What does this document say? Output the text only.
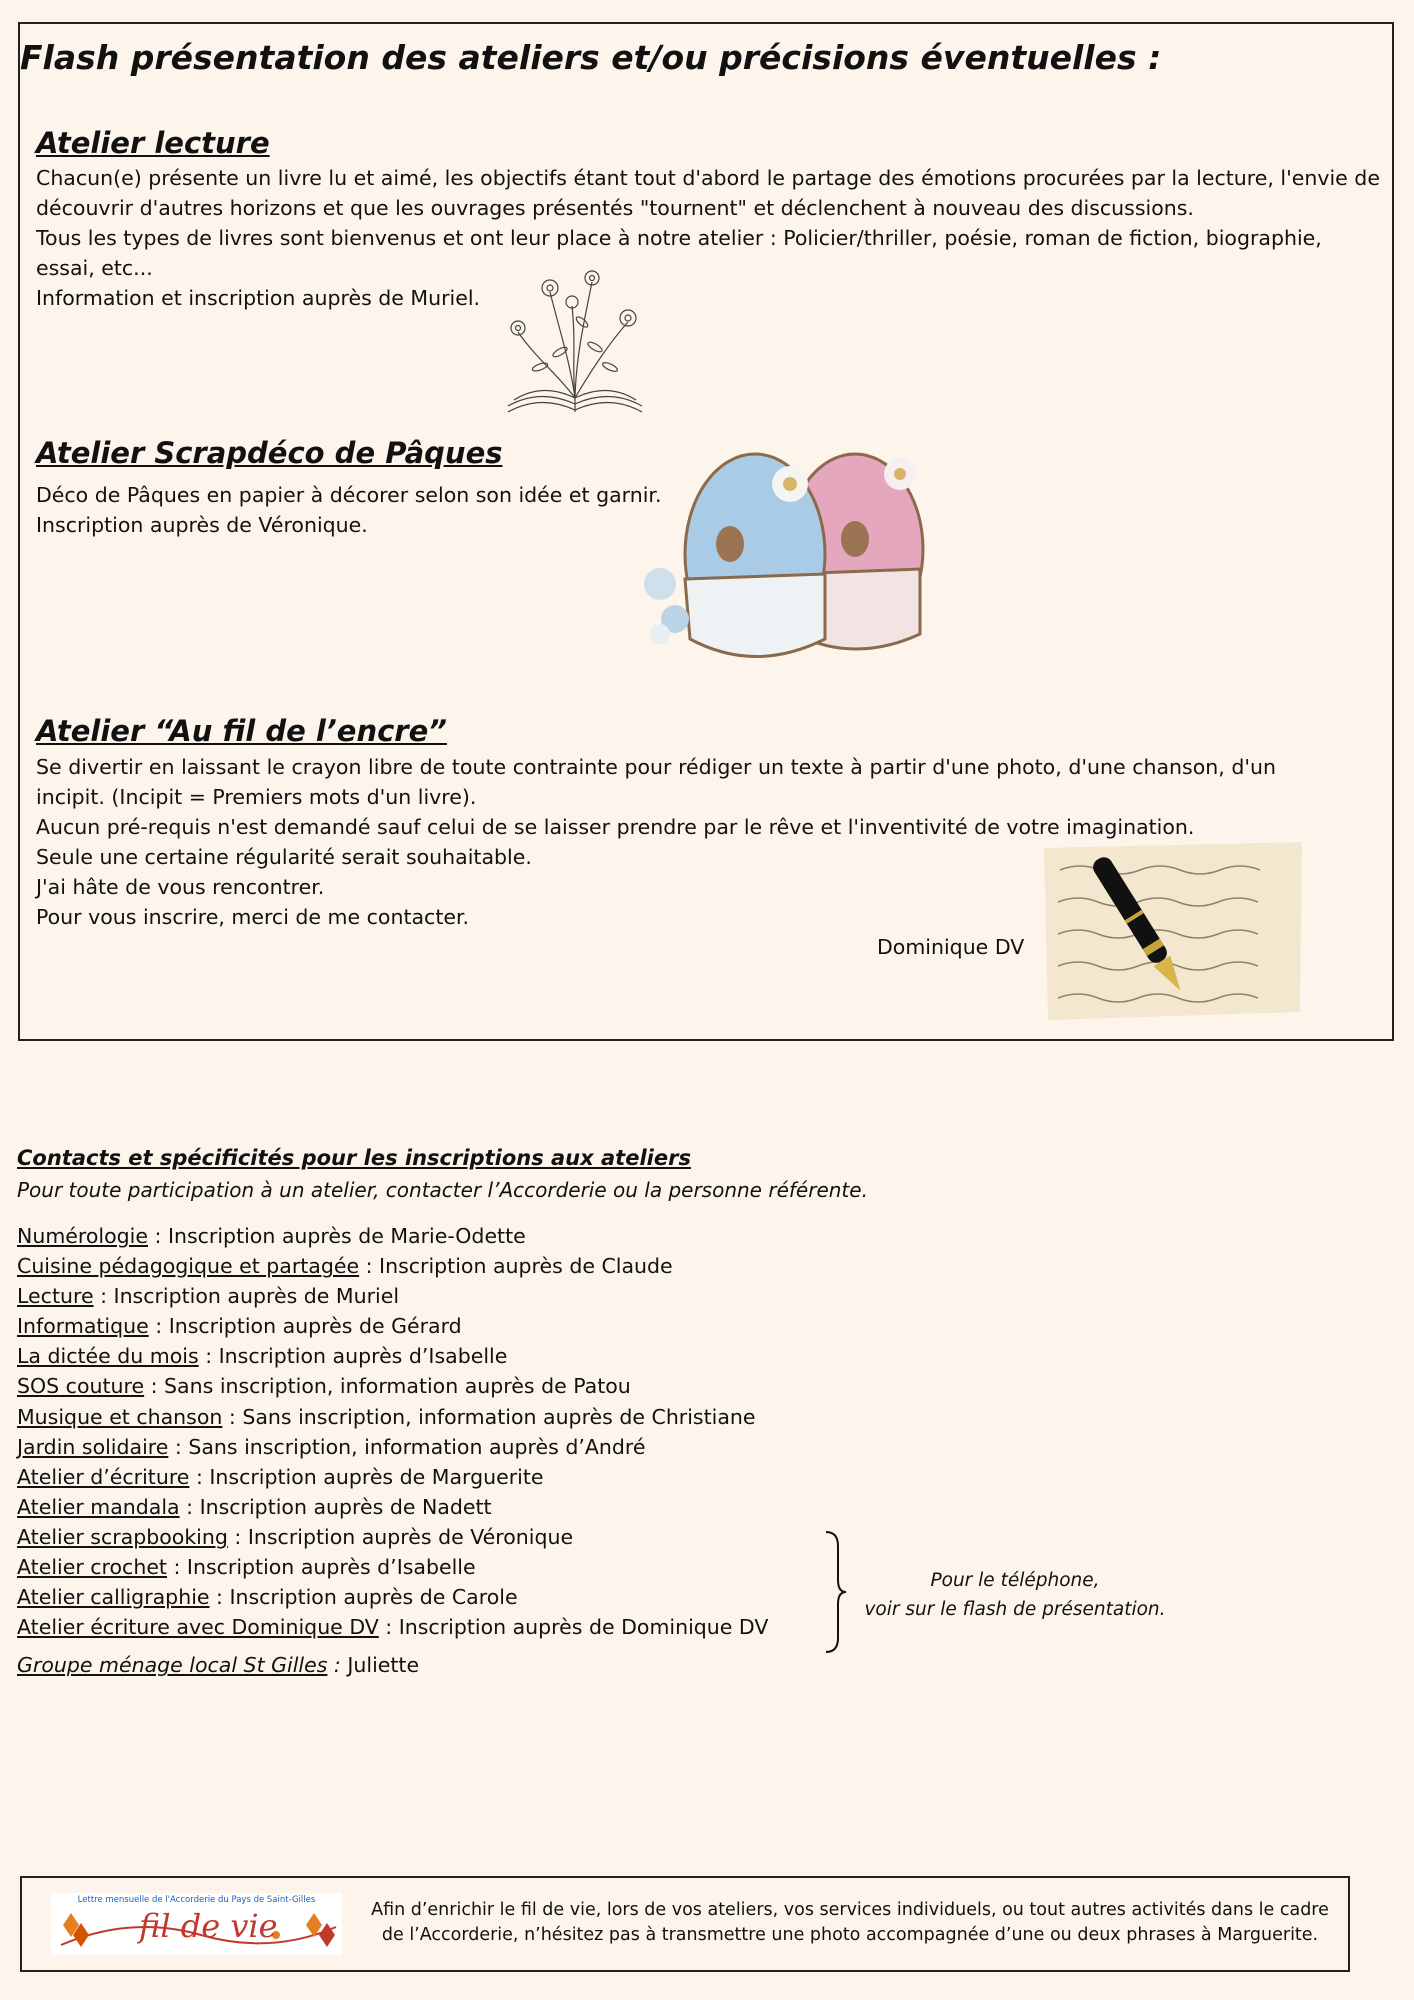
Flash présentation des ateliers et/ou précisions éventuelles :
Atelier lecture

Chacun(e) présente un livre lu et aimé, les objectifs étant tout d'abord le partage des émotions procurées par la lecture, l'envie de découvrir d'autres horizons et que les ouvrages présentés "tournent" et déclenchent à nouveau des discussions.

Tous les types de livres sont bienvenus et ont leur place à notre atelier : Policier/thriller, poésie, roman de fiction, biographie, essai, etc...

Information et inscription auprès de Muriel.

Atelier Scrapdéco de Pâques

Déco de Pâques en papier à décorer selon son idée et garnir.

Inscription auprès de Véronique.

Atelier “Au fil de l’encre”

Se divertir en laissant le crayon libre de toute contrainte pour rédiger un texte à partir d'une photo, d'une chanson, d'un incipit. (Incipit = Premiers mots d'un livre).

Aucun pré-requis n'est demandé sauf celui de se laisser prendre par le rêve et l'inventivité de votre imagination.

Seule une certaine régularité serait souhaitable.

J'ai hâte de vous rencontrer.

Pour vous inscrire, merci de me contacter.

Dominique DV
Contacts et spécificités pour les inscriptions aux ateliers

Pour toute participation à un atelier, contacter l’Accorderie ou la personne référente.

Numérologie : Inscription auprès de Marie-Odette
Cuisine pédagogique et partagée : Inscription auprès de Claude
Lecture : Inscription auprès de Muriel
Informatique : Inscription auprès de Gérard
La dictée du mois : Inscription auprès d’Isabelle
SOS couture : Sans inscription, information auprès de Patou
Musique et chanson : Sans inscription, information auprès de Christiane
Jardin solidaire : Sans inscription, information auprès d’André
Atelier d’écriture : Inscription auprès de Marguerite
Atelier mandala : Inscription auprès de Nadett
Atelier scrapbooking : Inscription auprès de Véronique
Atelier crochet : Inscription auprès d’Isabelle
Atelier calligraphie : Inscription auprès de Carole
Atelier écriture avec Dominique DV : Inscription auprès de Dominique DV
Groupe ménage local St Gilles : Juliette
Pour le téléphone,
voir sur le flash de présentation.
Lettre mensuelle de l'Accorderie du Pays de Saint-Gilles
fil de vie	Afin d’enrichir le fil de vie, lors de vos ateliers, vos services individuels, ou tout autres activités dans le cadre
de l’Accorderie, n’hésitez pas à transmettre une photo accompagnée d’une ou deux phrases à Marguerite.
